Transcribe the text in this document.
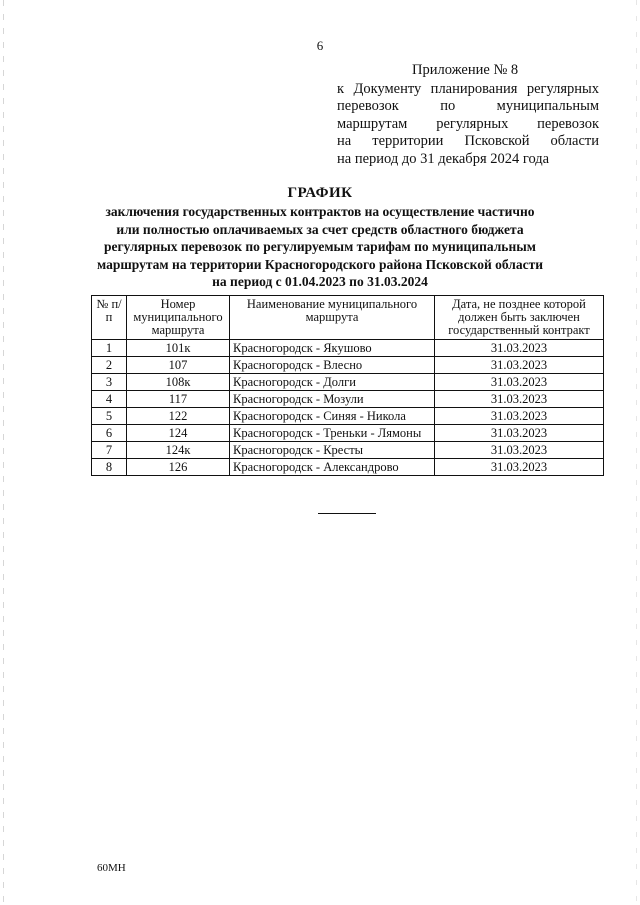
6
Приложение № 8
к Документу планирования регулярных
перевозок по муниципальным
маршрутам регулярных перевозок
на территории Псковской области
на период до 31 декабря 2024 года
ГРАФИК
заключения государственных контрактов на осуществление частично
или полностью оплачиваемых за счет средств областного бюджета
регулярных перевозок по регулируемым тарифам по муниципальным
маршрутам на территории Красногородского района Псковской области
на период с 01.04.2023 по 31.03.2024
№ п/п	Номер муниципального маршрута	Наименование муниципального маршрута	Дата, не позднее которой должен быть заключен государственный контракт
1	101к	Красногородск - Якушово	31.03.2023
2	107	Красногородск - Влесно	31.03.2023
3	108к	Красногородск - Долги	31.03.2023
4	117	Красногородск - Мозули	31.03.2023
5	122	Красногородск - Синяя - Никола	31.03.2023
6	124	Красногородск - Треньки - Лямоны	31.03.2023
7	124к	Красногородск - Кресты	31.03.2023
8	126	Красногородск - Александрово	31.03.2023
60МН
